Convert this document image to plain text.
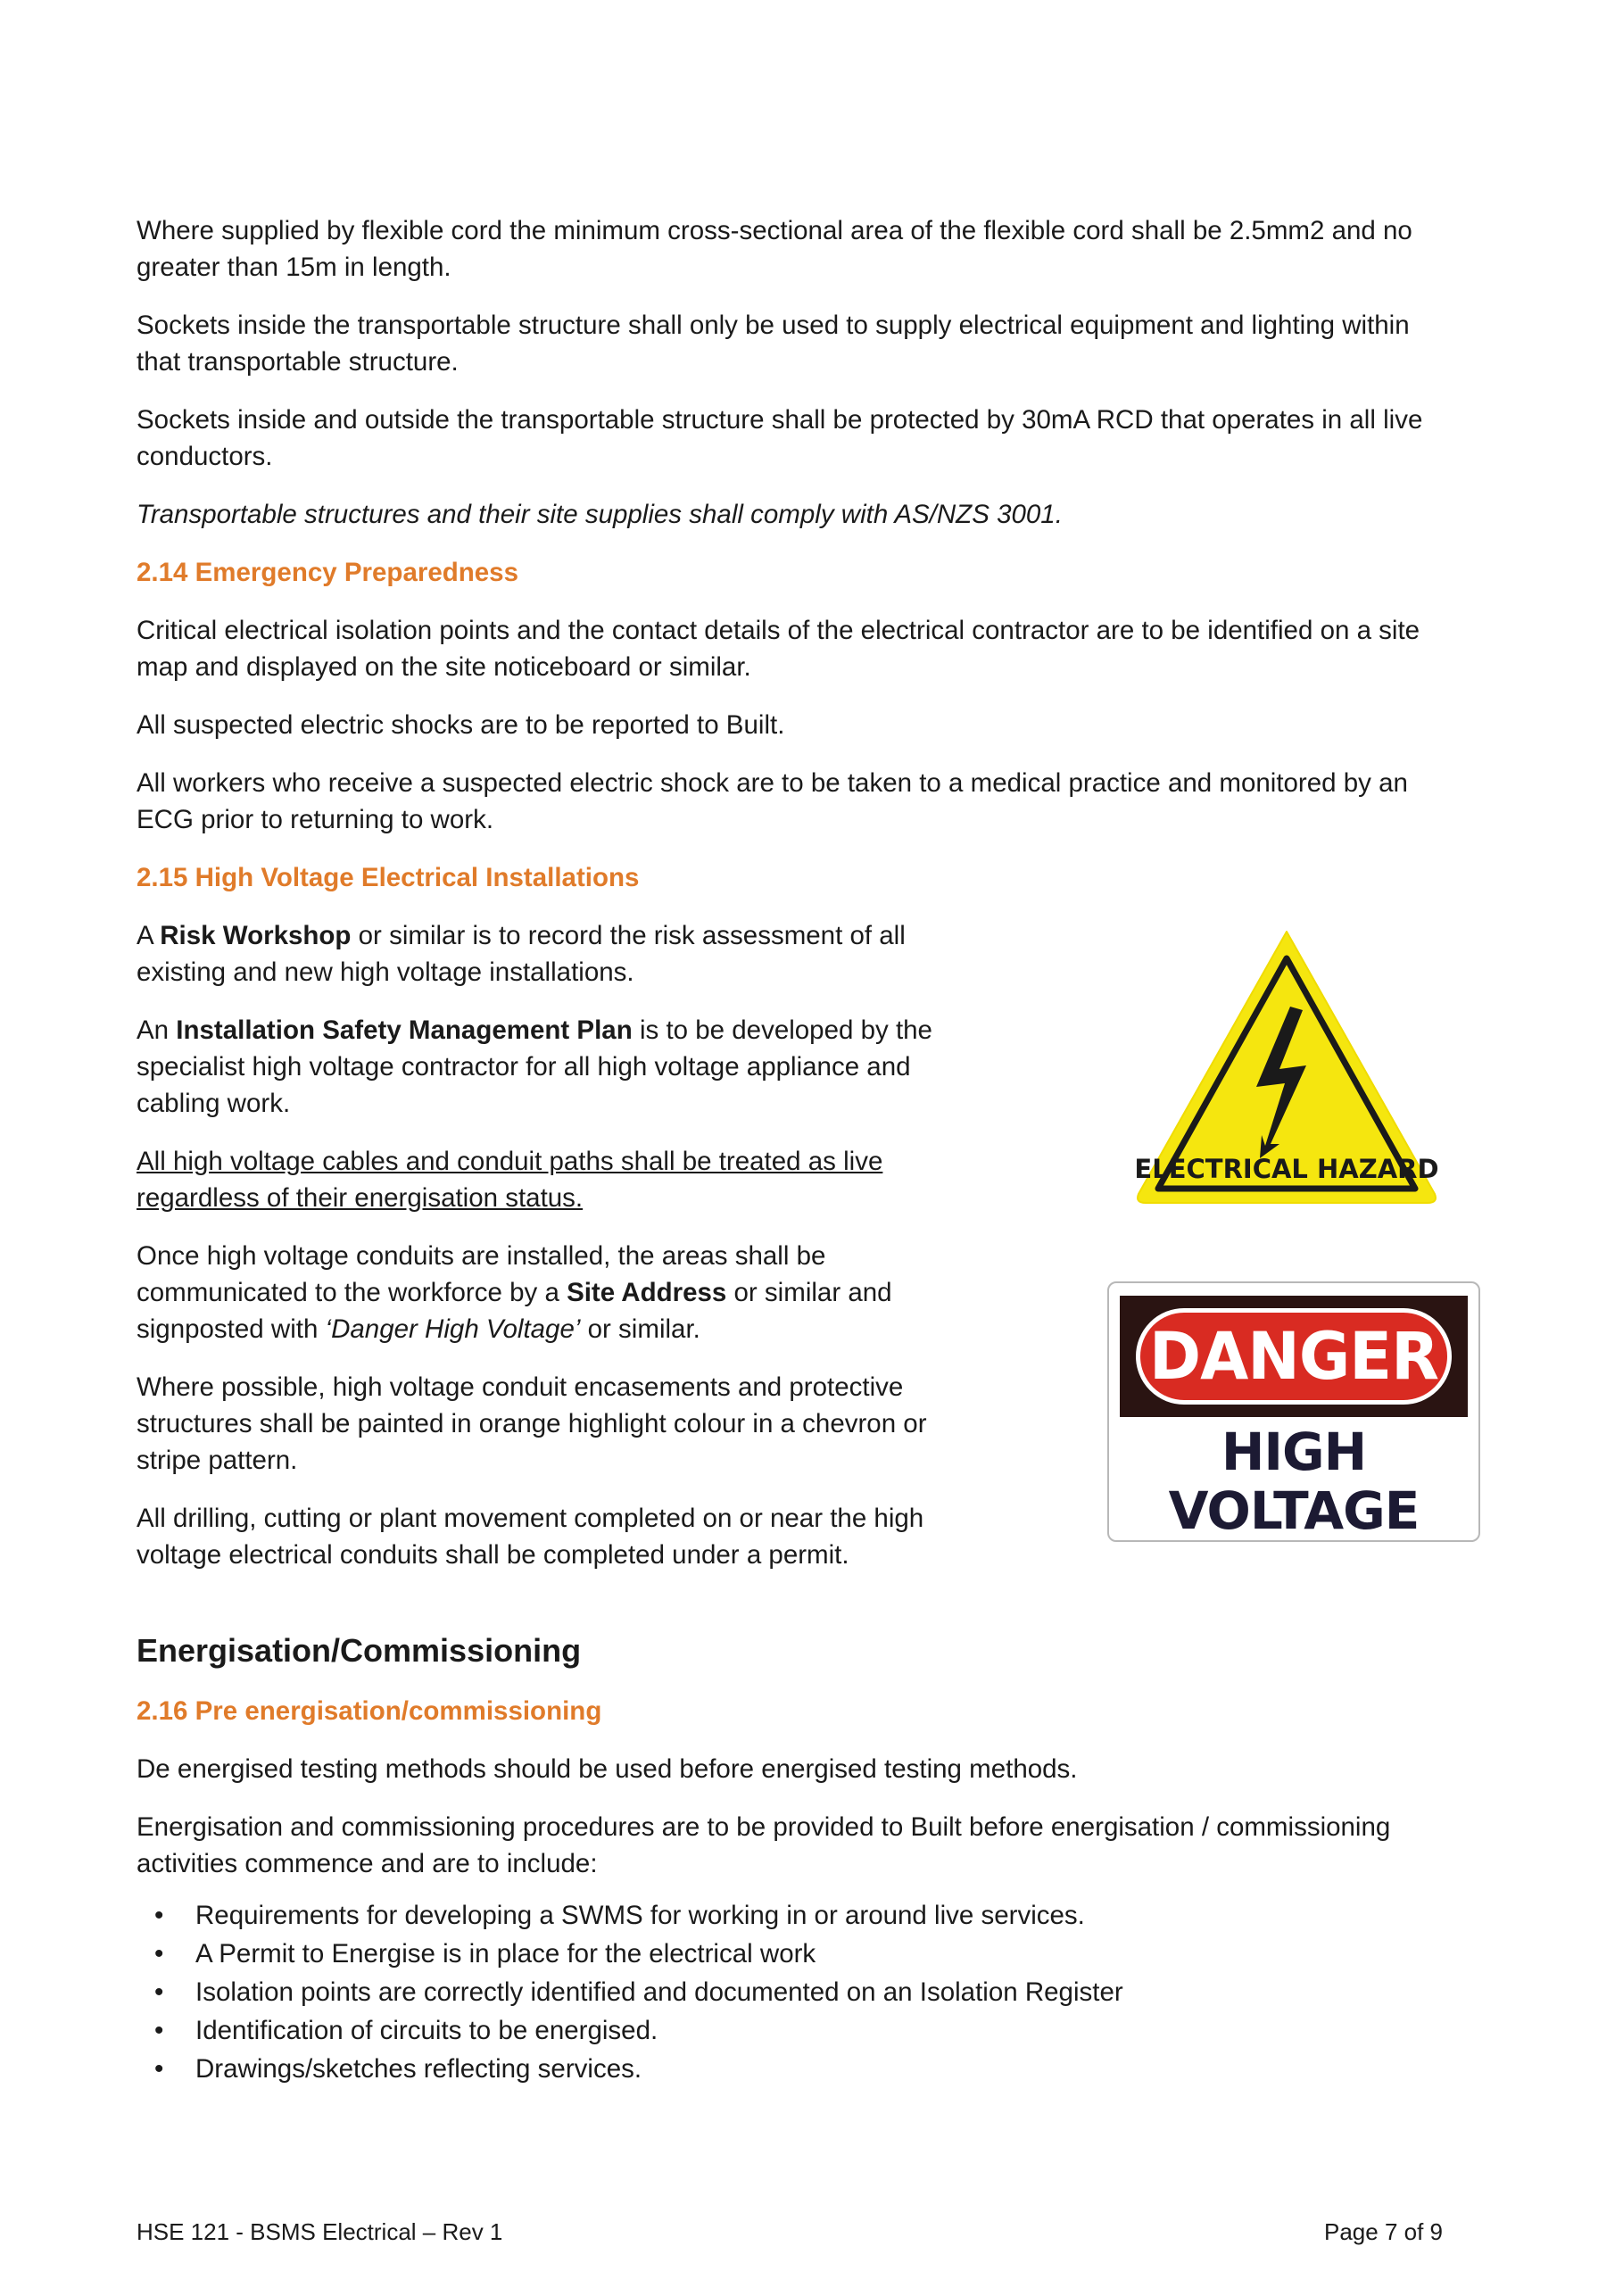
Where supplied by flexible cord the minimum cross-sectional area of the flexible cord shall be 2.5mm2 and no greater than 15m in length.

Sockets inside the transportable structure shall only be used to supply electrical equipment and lighting within that transportable structure.

Sockets inside and outside the transportable structure shall be protected by 30mA RCD that operates in all live conductors.

Transportable structures and their site supplies shall comply with AS/NZS 3001.

2.14 Emergency Preparedness

Critical electrical isolation points and the contact details of the electrical contractor are to be identified on a site map and displayed on the site noticeboard or similar.

All suspected electric shocks are to be reported to Built.

All workers who receive a suspected electric shock are to be taken to a medical practice and monitored by an ECG prior to returning to work.

2.15 High Voltage Electrical Installations

A Risk Workshop or similar is to record the risk assessment of all existing and new high voltage installations.

An Installation Safety Management Plan is to be developed by the specialist high voltage contractor for all high voltage appliance and cabling work.

All high voltage cables and conduit paths shall be treated as live regardless of their energisation status.

Once high voltage conduits are installed, the areas shall be communicated to the workforce by a Site Address or similar and signposted with ‘Danger High Voltage’ or similar.

Where possible, high voltage conduit encasements and protective structures shall be painted in orange highlight colour in a chevron or stripe pattern.

All drilling, cutting or plant movement completed on or near the high voltage electrical conduits shall be completed under a permit.

Energisation/Commissioning
2.16 Pre energisation/commissioning

De energised testing methods should be used before energised testing methods.

Energisation and commissioning procedures are to be provided to Built before energisation / commissioning activities commence and are to include:

• Requirements for developing a SWMS for working in or around live services.
• A Permit to Energise is in place for the electrical work
• Isolation points are correctly identified and documented on an Isolation Register
• Identification of circuits to be energised.
• Drawings/sketches reflecting services.
ELECTRICAL HAZARD
DANGER
HIGH
VOLTAGE
HSE 121 - BSMS Electrical – Rev 1	Page 7 of 9
